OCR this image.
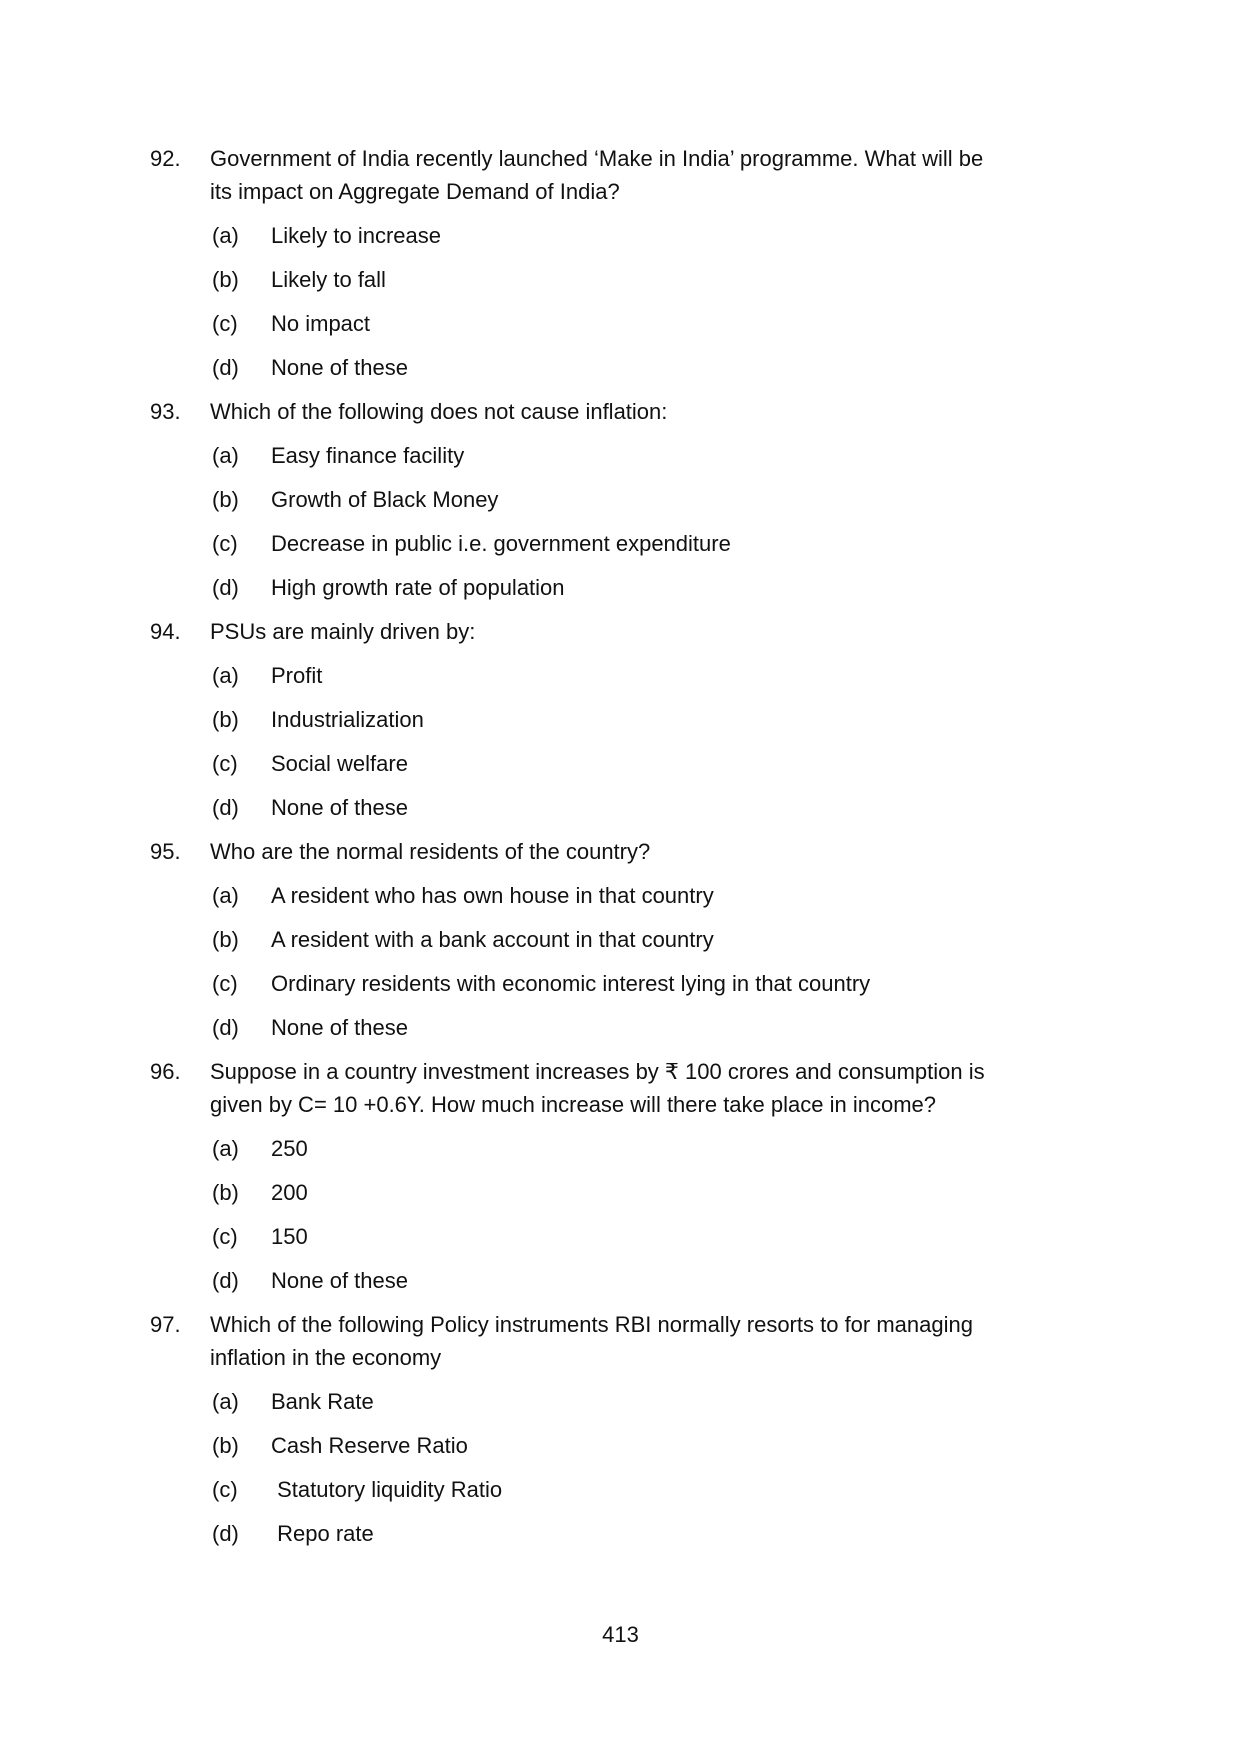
92.	Government of India recently launched ‘Make in India’ programme. What will be its impact on Aggregate Demand of India?
(a)	Likely to increase
(b)	Likely to fall
(c)	No impact
(d)	None of these
93.	Which of the following does not cause inflation:
(a)	Easy finance facility
(b)	Growth of Black Money
(c)	Decrease in public i.e. government expenditure
(d)	High growth rate of population
94.	PSUs are mainly driven by:
(a)	Profit
(b)	Industrialization
(c)	Social welfare
(d)	None of these
95.	Who are the normal residents of the country?
(a)	A resident who has own house in that country
(b)	A resident with a bank account in that country
(c)	Ordinary residents with economic interest lying in that country
(d)	None of these
96.	Suppose in a country investment increases by ₹ 100 crores and consumption is given by C= 10 +0.6Y. How much increase will there take place in income?
(a)	250
(b)	200
(c)	150
(d)	None of these
97.	Which of the following Policy instruments RBI normally resorts to for managing inflation in the economy
(a)	Bank Rate
(b)	Cash Reserve Ratio
(c)	Statutory liquidity Ratio
(d)	Repo rate
413
